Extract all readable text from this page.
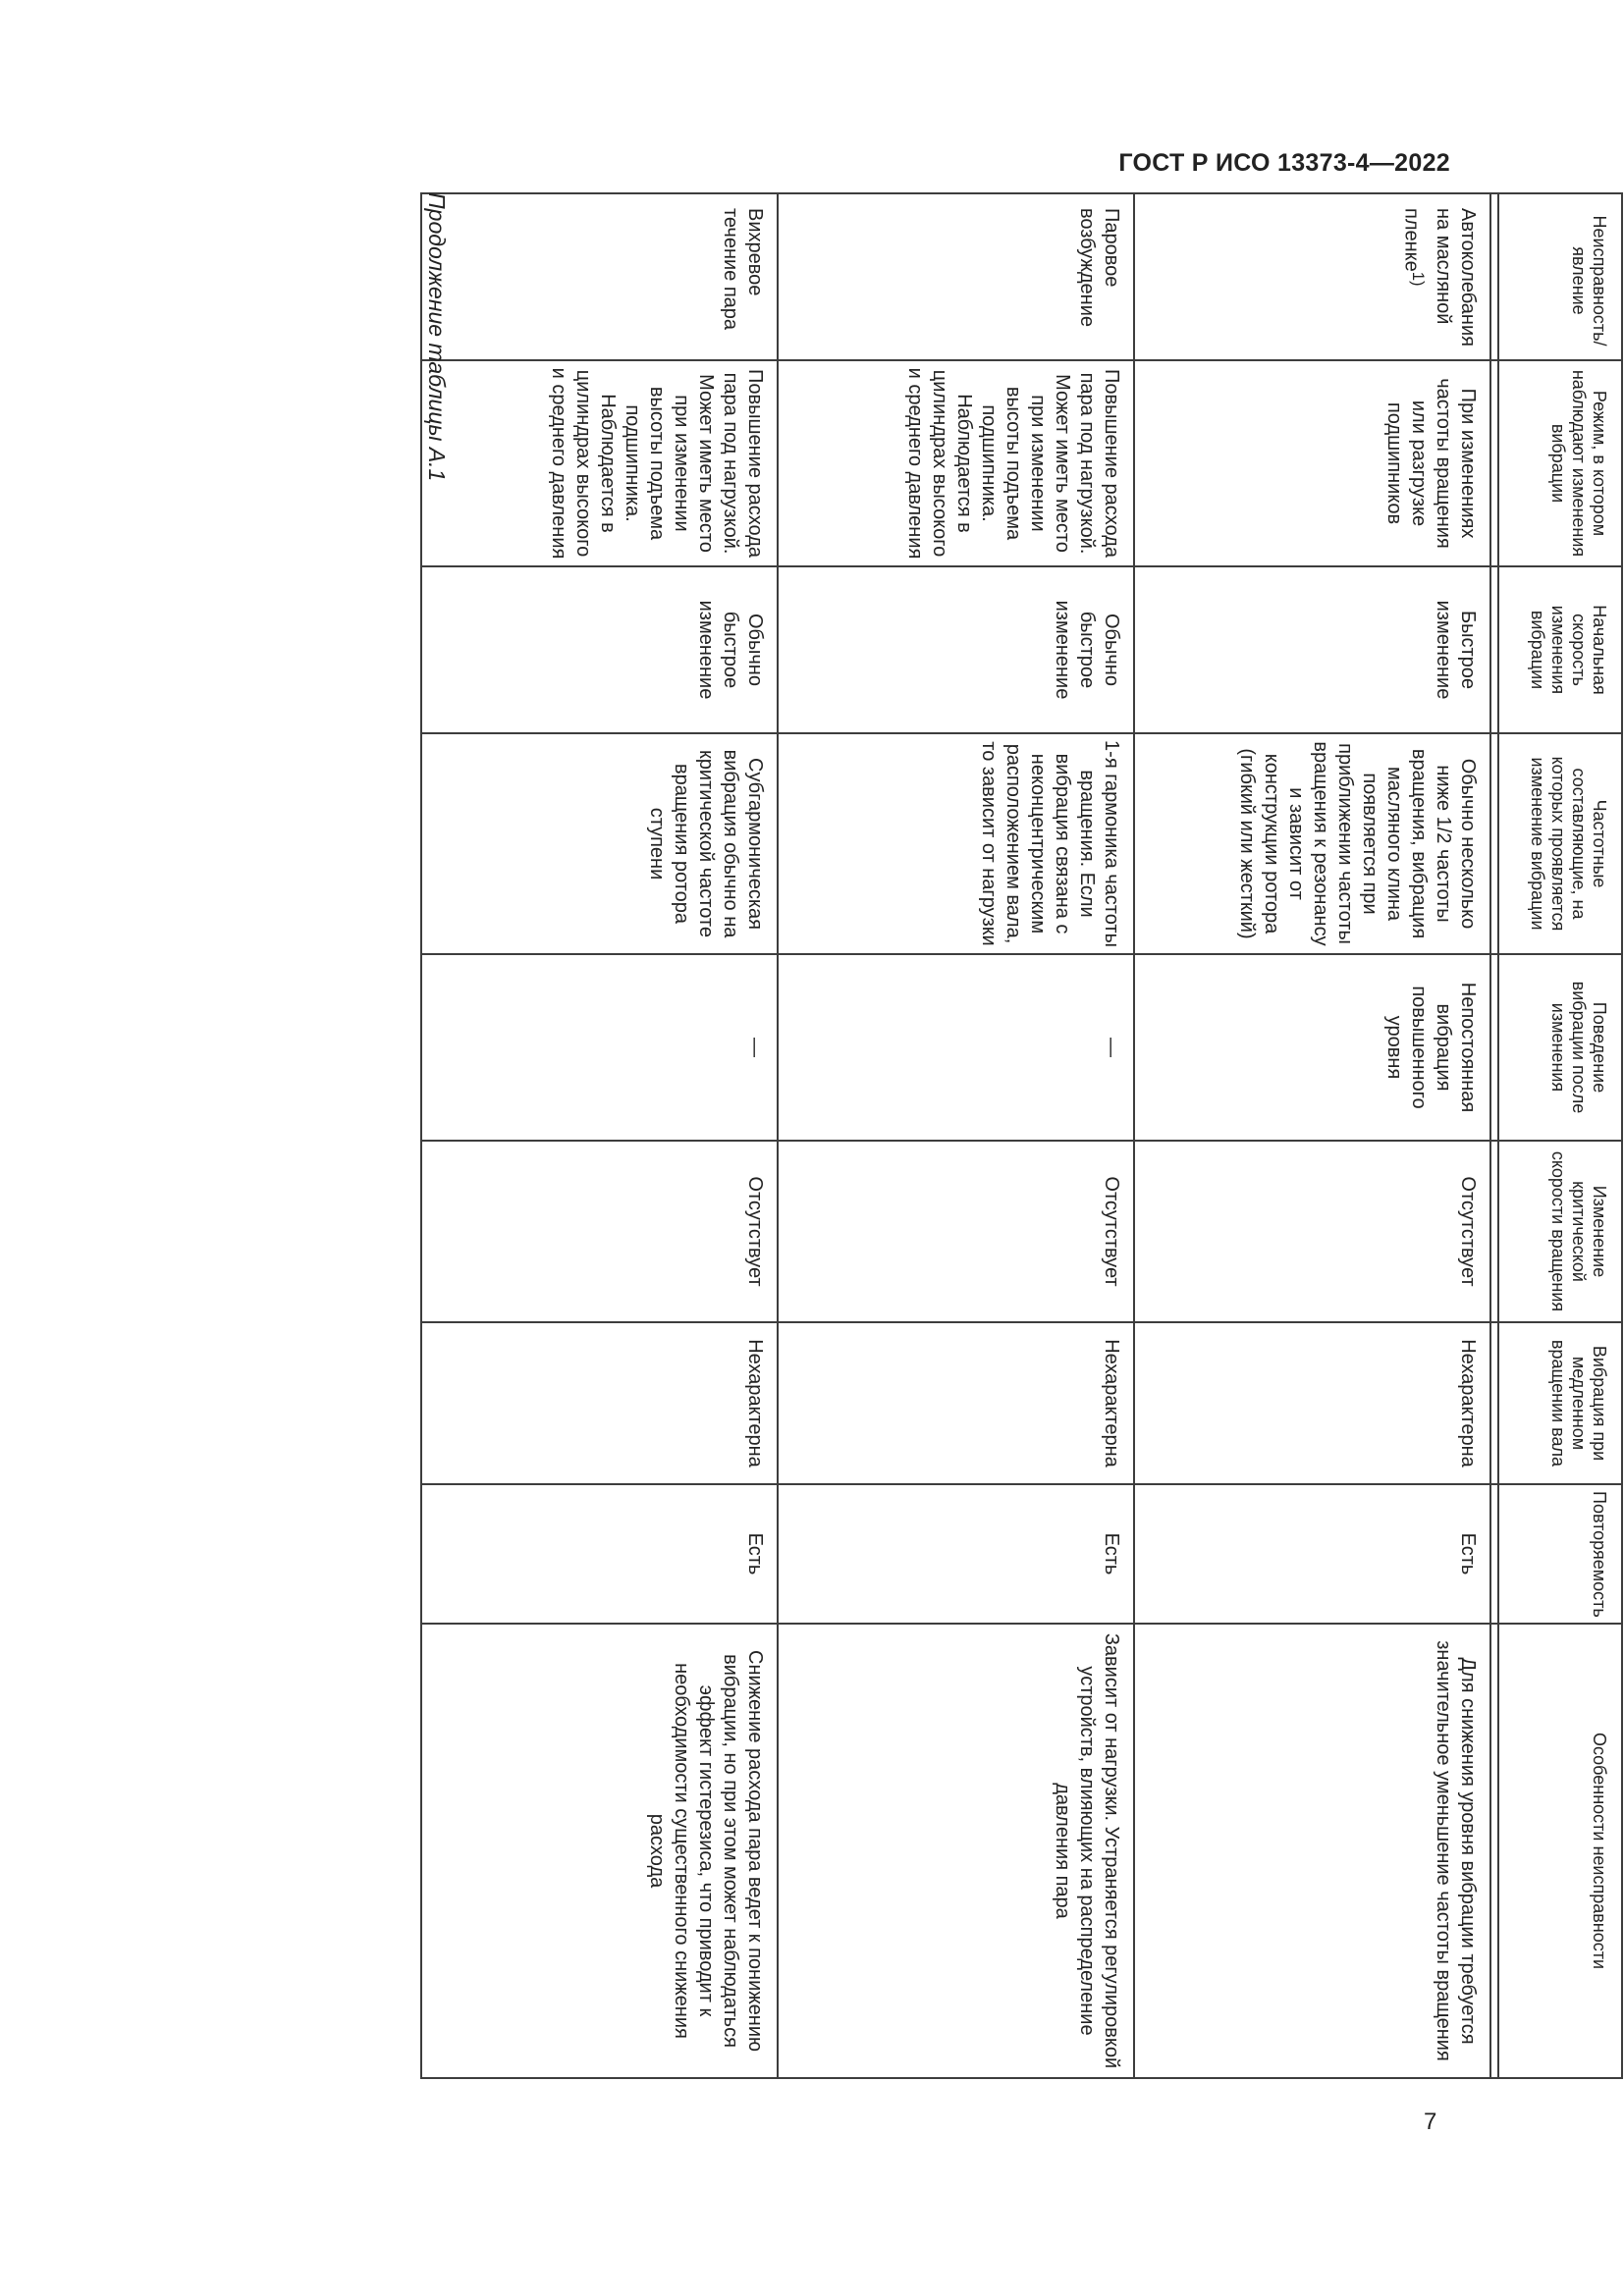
ГОСТ Р ИСО 13373-4—2022
Неисправность/ явление	Режим, в котором наблюдают изменения вибрации	Начальная скорость изменения вибрации	Частотные составляющие, на которых проявляется изменение вибрации	Поведение вибрации после изменения	Изменение критической скорости вращения	Вибрация при медленном вращении вала	Повторяемость	Особенности неисправности

Автоколебания на масляной пленке$^{1)}$	При изменениях частоты вращения или разгрузке подшипников	Быстрое изменение	Обычно несколько ниже 1/2 частоты вращения, вибрация масляного клина появляется при приближении частоты вращения к резонансу и зависит от конструкции ротора (гибкий или жесткий)	Непостоянная вибрация повышенного уровня	Отсутствует	Нехарактерна	Есть	Для снижения уровня вибрации требуется значительное уменьшение частоты вращения
Паровое возбуждение	Повышение расхода пара под нагрузкой. Может иметь место при изменении высоты подъема подшипника. Наблюдается в цилиндрах высокого и среднего давления	Обычно быстрое изменение	1-я гармоника частоты вращения. Если вибрация связана с неконцентрическим расположением вала, то зависит от нагрузки	—	Отсутствует	Нехарактерна	Есть	Зависит от нагрузки. Устраняется регулировкой устройств, влияющих на распределение давления пара
Вихревое течение пара	Повышение расхода пара под нагрузкой. Может иметь место при изменении высоты подъема подшипника. Наблюдается в цилиндрах высокого и среднего давления	Обычно быстрое изменение	Субгармоническая вибрация обычно на критической частоте вращения ротора ступени	—	Отсутствует	Нехарактерна	Есть	Снижение расхода пара ведет к понижению вибрации, но при этом может наблюдаться эффект гистерезиса, что приводит к необходимости существенного снижения расхода
Продолжение таблицы А.1
7
